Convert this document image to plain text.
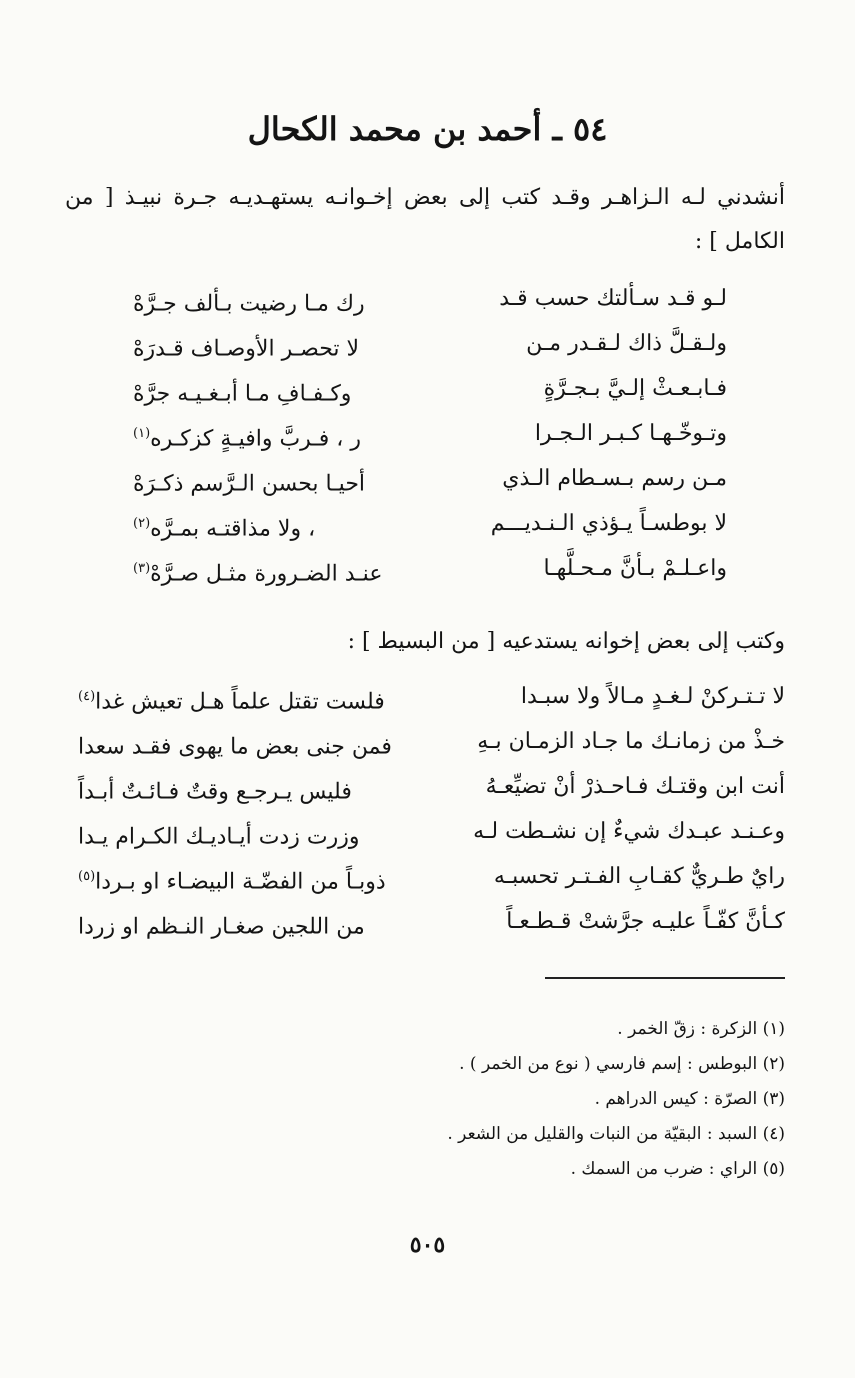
٥٤ ـ أحمد بن محمد الكحال
أنشدني لـه الـزاهـر وقـد كتب إلى بعض إخـوانـه يستهـديـه جـرة نبيـذ [ من الكامل ] :
لـو قـد سـألتك حسب قـد
رك مـا رضيت بـألف جـرَّهْ
ولـقـلَّ ذاك لـقـدر مـن
لا تحصـر الأوصـاف قـدرَهْ
فـابـعـثْ إلـيَّ بـجـرَّةٍ
وكـفـافِ مـا أبـغـيـه جرَّهْ
وتـوخّـهـا كـبـر الـجـرا
ر ، فـربَّ وافيـةٍ كزكـره$^{(١)}$
مـن رسم بـسـطام الـذي
أحيـا بحسن الـرَّسم ذكـرَهْ
لا بوطسـاً يـؤذي الـنـديـــم
، ولا مذاقتـه بمـرَّه$^{(٢)}$
واعـلـمْ بـأنَّ مـحـلَّهـا
عنـد الضـرورة مثـل صـرَّهْ$^{(٣)}$
وكتب إلى بعض إخوانه يستدعيه [ من البسيط ] :
لا تـتـركنْ لـغـدٍ مـالاً ولا سبـدا
فلست تقتل علماً هـل تعيش غدا$^{(٤)}$
خـذْ من زمانـك ما جـاد الزمـان بـهِ
فمن جنى بعض ما يهوى فقـد سعدا
أنت ابن وقتـك فـاحـذرْ أنْ تضيِّعـهُ
فليس يـرجـع وقتٌ فـائـتٌ أبـداً
وعـنـد عبـدك شيءٌ إن نشـطت لـه
وزرت زدت أيـاديـك الكـرام يـدا
رايٌ طـريٌّ كقـابِ الفـتـر تحسبـه
ذوبـاً من الفضّـة البيضـاء او بـردا$^{(٥)}$
كـأنَّ كفّـاً عليـه جرَّشتْ قـطـعـاً
من اللجين صغـار النـظم او زردا
(١) الزكرة : زقّ الخمر .
(٢) البوطس : إسم فارسي ( نوع من الخمر ) .
(٣) الصرّة : كيس الدراهم .
(٤) السبد : البقيّة من النبات والقليل من الشعر .
(٥) الراي : ضرب من السمك .
٥٠٥
